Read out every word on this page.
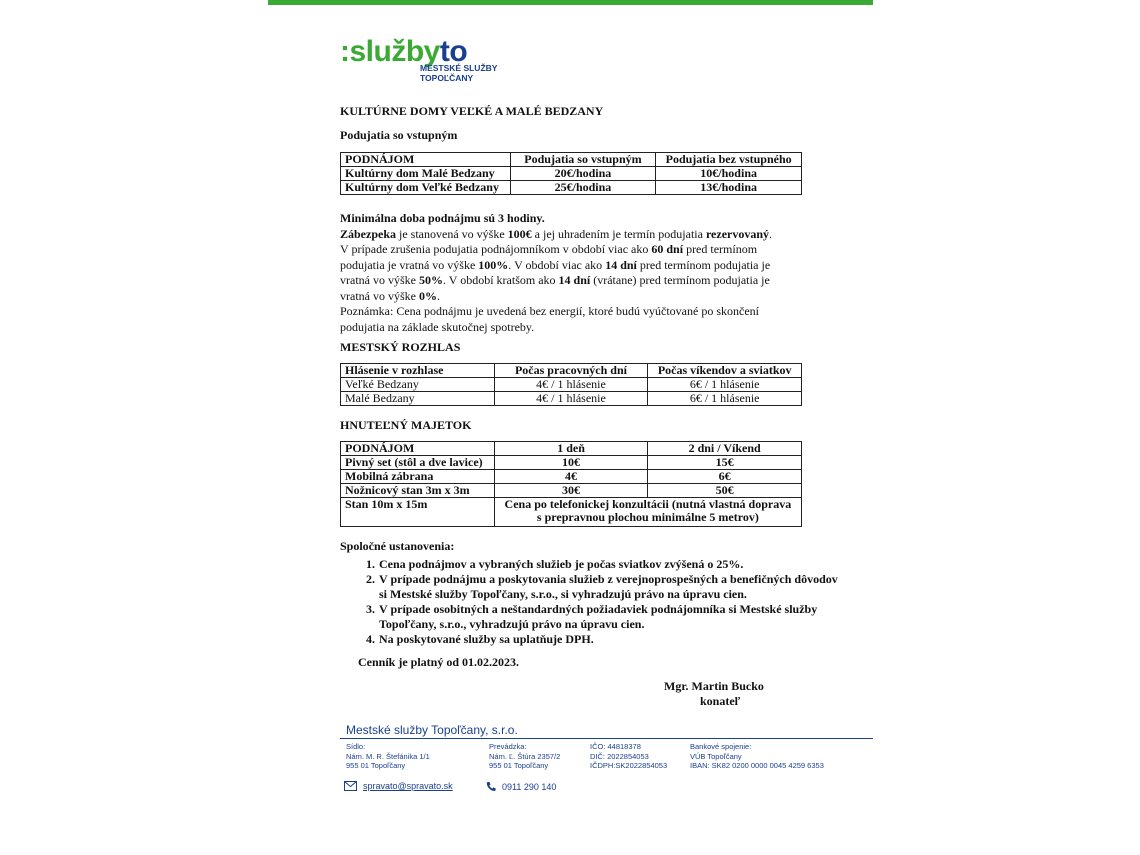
:službyto
MESTSKÉ SLUŽBY
TOPOĽČANY
KULTÚRNE DOMY VEĽKÉ A MALÉ BEDZANY
Podujatia so vstupným
PODNÁJOM	Podujatia so vstupným	Podujatia bez vstupného
Kultúrny dom Malé Bedzany	20€/hodina	10€/hodina
Kultúrny dom Veľké Bedzany	25€/hodina	13€/hodina

Minimálna doba podnájmu sú 3 hodiny.

Zábezpeka je stanovená vo výške 100€ a jej uhradením je termín podujatia rezervovaný.

V prípade zrušenia podujatia podnájomníkom v období viac ako 60 dní pred termínom podujatia je vratná vo výške 100%. V období viac ako 14 dní pred termínom podujatia je vratná vo výške 50%. V období kratšom ako 14 dní (vrátane) pred termínom podujatia je vratná vo výške 0%.

Poznámka: Cena podnájmu je uvedená bez energií, ktoré budú vyúčtované po skončení podujatia na základe skutočnej spotreby.

MESTSKÝ ROZHLAS
Hlásenie v rozhlase	Počas pracovných dní	Počas víkendov a sviatkov
Veľké Bedzany	4€ / 1 hlásenie	6€ / 1 hlásenie
Malé Bedzany	4€ / 1 hlásenie	6€ / 1 hlásenie
HNUTEĽNÝ MAJETOK
PODNÁJOM	1 deň	2 dni / Víkend
Pivný set (stôl a dve lavice)	10€	15€
Mobilná zábrana	4€	6€
Nožnicový stan 3m x 3m	30€	50€
Stan 10m x 15m	Cena po telefonickej konzultácii (nutná vlastná doprava s prepravnou plochou minimálne 5 metrov)	
Spoločné ustanovenia:
1. Cena podnájmov a vybraných služieb je počas sviatkov zvýšená o 25%.
2. V prípade podnájmu a poskytovania služieb z verejnoprospešných a benefičných dôvodov si Mestské služby Topoľčany, s.r.o., si vyhradzujú právo na úpravu cien.
3. V prípade osobitných a neštandardných požiadaviek podnájomníka si Mestské služby Topoľčany, s.r.o., vyhradzujú právo na úpravu cien.
4. Na poskytované služby sa uplatňuje DPH.
Cenník je platný od 01.02.2023.
Mgr. Martin Bucko
konateľ
Mestské služby Topoľčany, s.r.o.
Sídlo:
Nám. M. R. Štefánika 1/1
955 01 Topoľčany
Prevádzka:
Nám. Ľ. Štúra 2357/2
955 01 Topoľčany
IČO: 44818378
DIČ: 2022854053
IČDPH:SK2022854053
Bankové spojenie:
VÚB Topoľčany
IBAN: SK82 0200 0000 0045 4259 6353
spravato@spravato.sk	0911 290 140
